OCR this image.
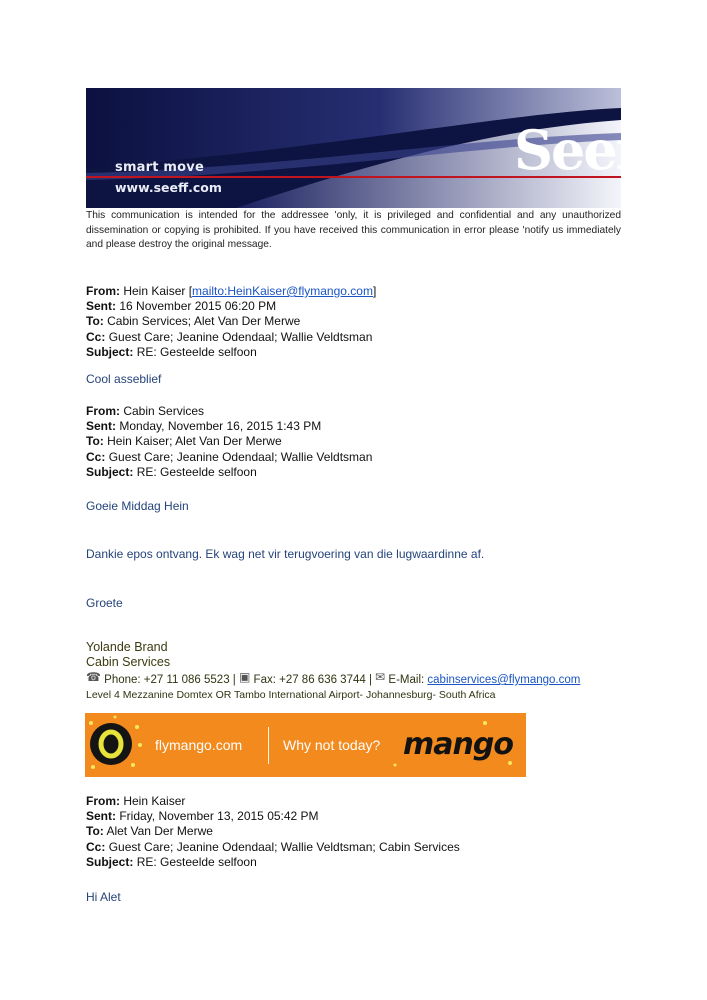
smart move
www.seeff.com
Seeff
This communication is intended for the addressee 'only, it is privileged and confidential and any unauthorized dissemination or copying is prohibited. If you have received this communication in error please 'notify us immediately and please destroy the original message.
From: Hein Kaiser [mailto:HeinKaiser@flymango.com]
Sent: 16 November 2015 06:20 PM
To: Cabin Services; Alet Van Der Merwe
Cc: Guest Care; Jeanine Odendaal; Wallie Veldtsman
Subject: RE: Gesteelde selfoon
Cool asseblief
From: Cabin Services
Sent: Monday, November 16, 2015 1:43 PM
To: Hein Kaiser; Alet Van Der Merwe
Cc: Guest Care; Jeanine Odendaal; Wallie Veldtsman
Subject: RE: Gesteelde selfoon
Goeie Middag Hein
Dankie epos ontvang. Ek wag net vir terugvoering van die lugwaardinne af.
Groete
Yolande Brand
Cabin Services
☎ Phone: +27 11 086 5523 | ▣ Fax: +27 86 636 3744 | ✉ E-Mail: cabinservices@flymango.com
Level 4 Mezzanine Domtex OR Tambo International Airport- Johannesburg- South Africa
flymango.com	Why not today? mango
From: Hein Kaiser
Sent: Friday, November 13, 2015 05:42 PM
To: Alet Van Der Merwe
Cc: Guest Care; Jeanine Odendaal; Wallie Veldtsman; Cabin Services
Subject: RE: Gesteelde selfoon
Hi Alet
